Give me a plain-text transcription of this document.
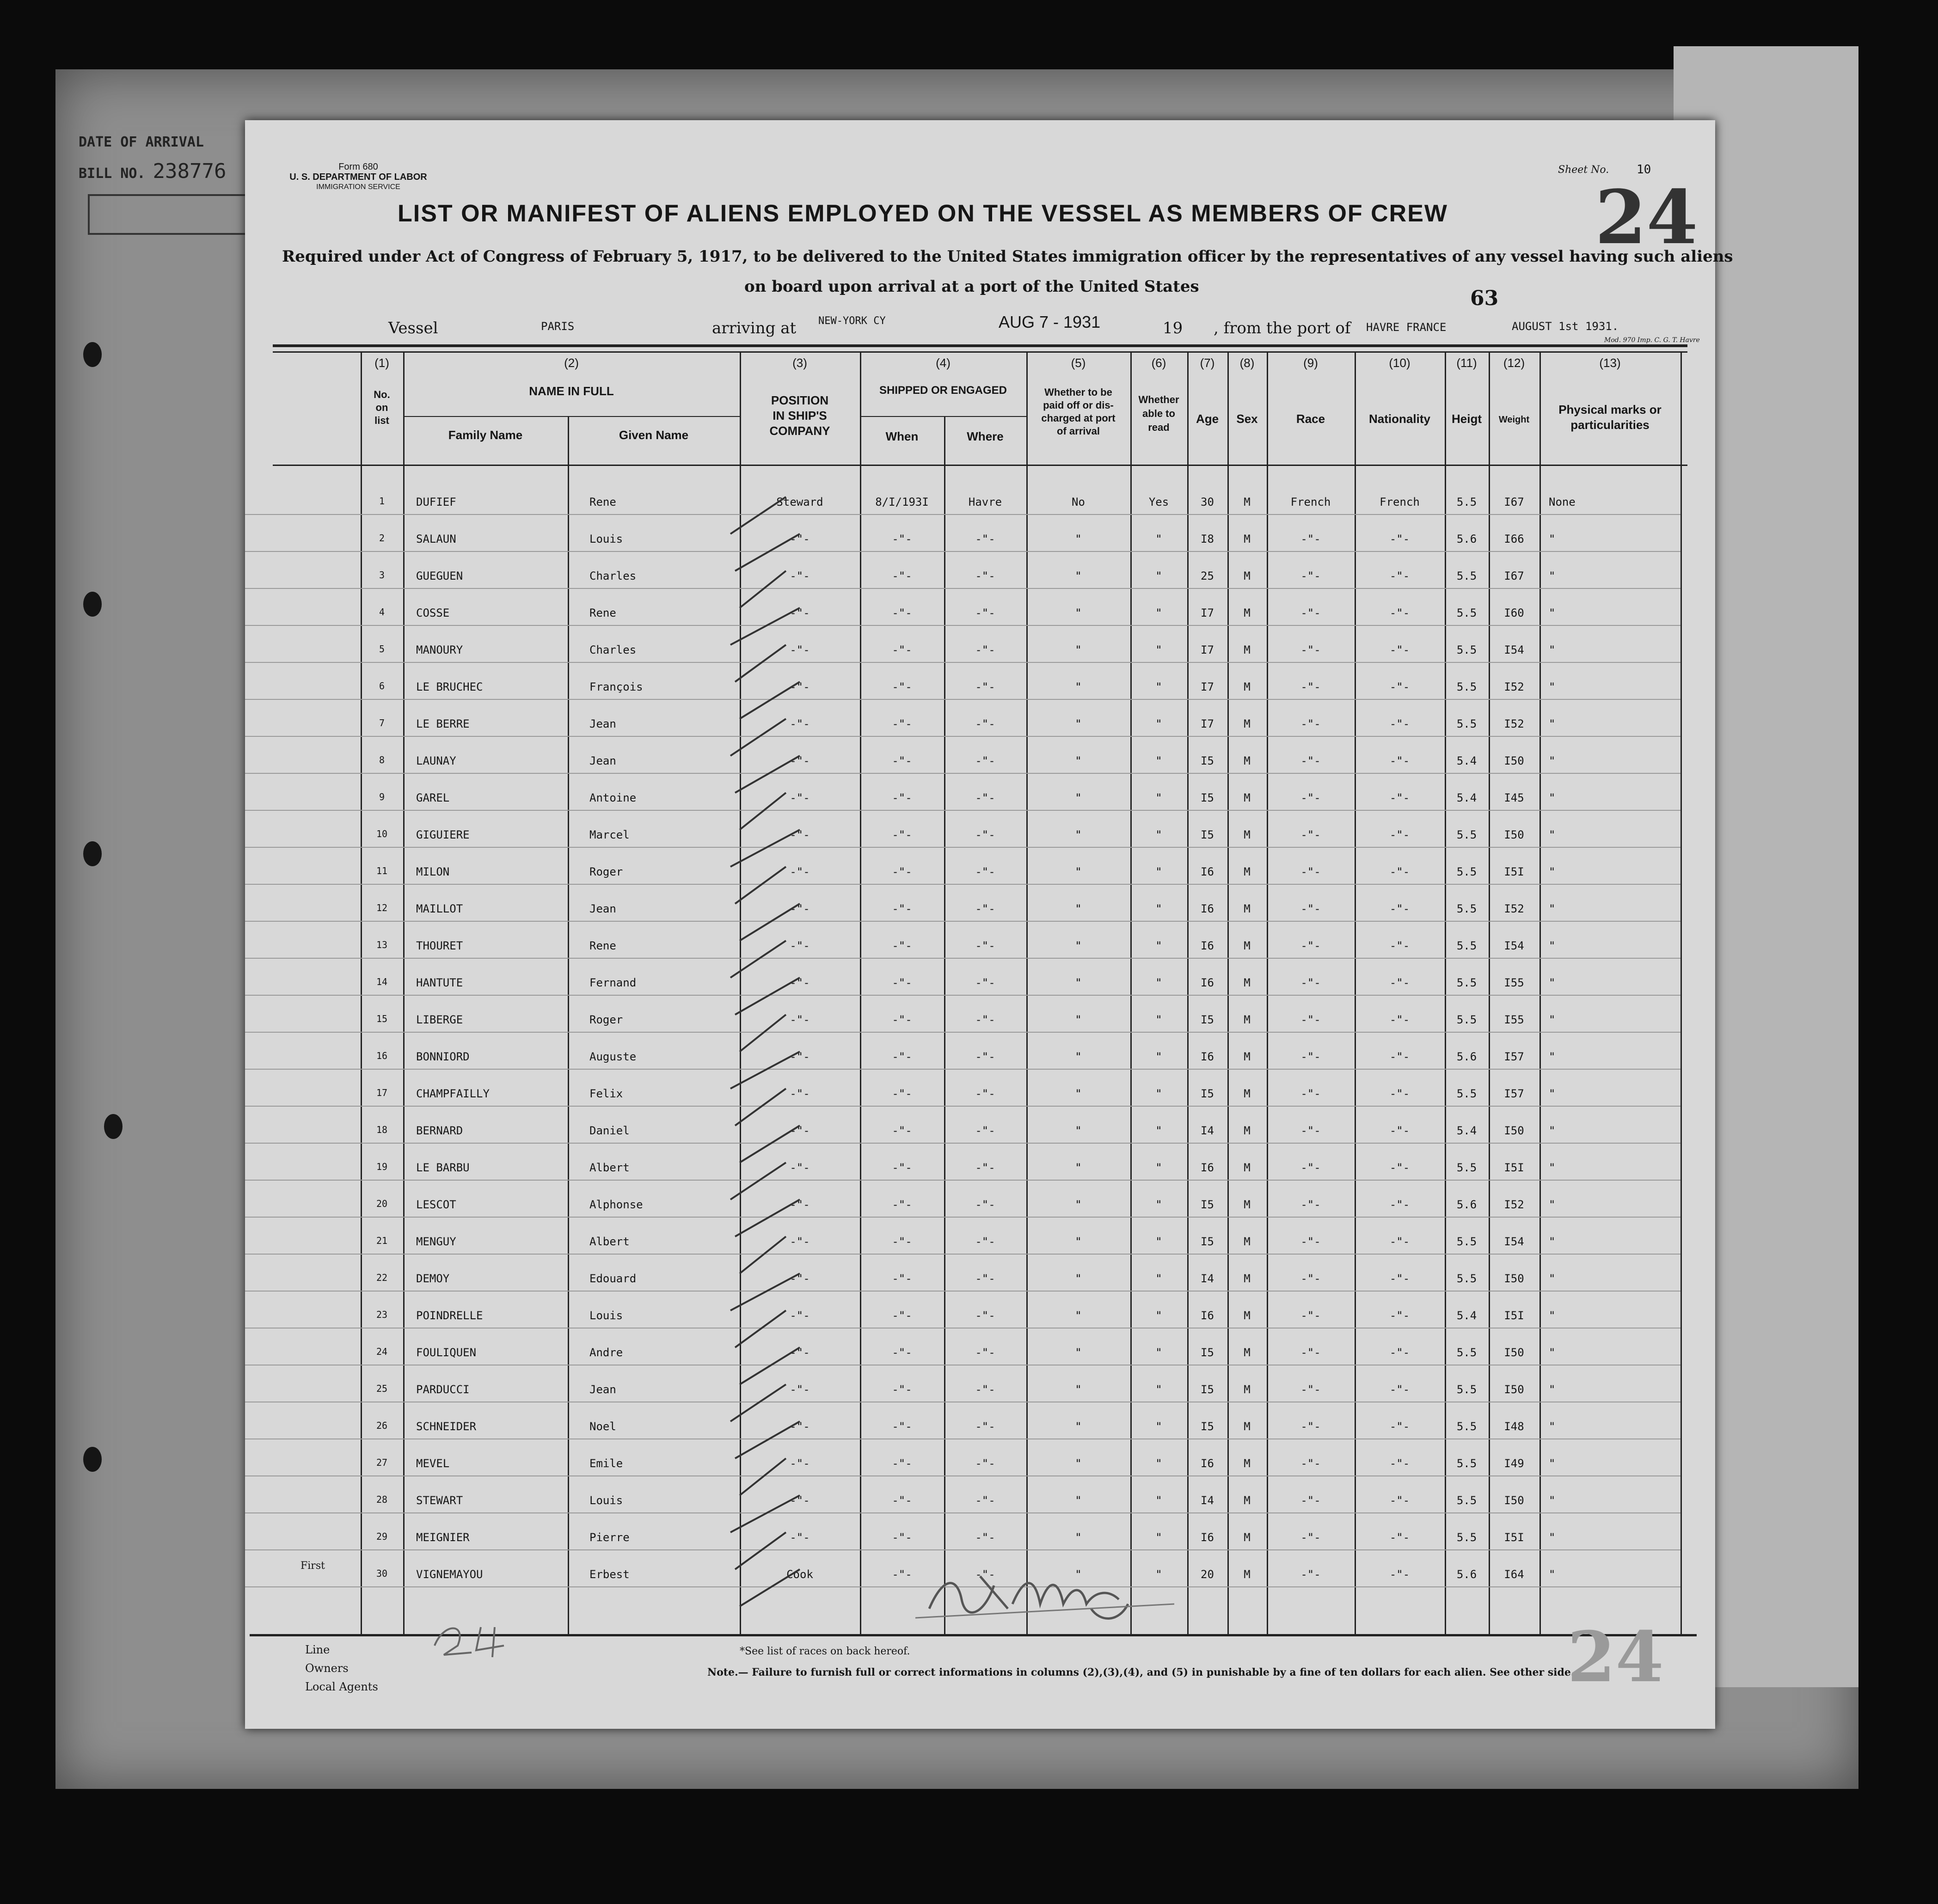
DATE OF ARRIVAL
BILL NO. 238776	Form 680
U. S. DEPARTMENT OF LABOR
IMMIGRATION SERVICE
Sheet No. 10
24
LIST OR MANIFEST OF ALIENS EMPLOYED ON THE VESSEL AS MEMBERS OF CREW
Required under Act of Congress of February 5, 1917, to be delivered to the United States immigration officer by the representatives of any vessel having such aliens
on board upon arrival at a port of the United States	63
Vessel	PARIS	arriving at NEW-YORK CY	AUG 7 - 1931	19 , from the port of HAVRE FRANCE	AUGUST 1st 1931.
Mod. 970 Imp. C. G. T. Havre
(1)
No.
on
list
(2)
NAME IN FULL
Family Name	Given Name
(3)
POSITION
IN SHIP'S
COMPANY
(4)
SHIPPED OR ENGAGED
When	Where
(5)
Whether to be
paid off or dis-
charged at port
of arrival
(6)
Whether
able to
read
(7)
Age
(8)
Sex
(9)
Race
(10)
Nationality
(11)
Heigt
(12)
Weight
(13)
Physical marks or
particularities
1	DUFIEF	Rene	Steward	8/I/193I	Havre	No	Yes	30	M	French	French	5.5	I67	None
2	SALAUN	Louis	-"-	-"-	-"-	"	"	I8	M	-"-	-"-	5.6	I66	"
3	GUEGUEN	Charles	-"-	-"-	-"-	"	"	25	M	-"-	-"-	5.5	I67	"
4	COSSE	Rene	-"-	-"-	-"-	"	"	I7	M	-"-	-"-	5.5	I60	"
5	MANOURY	Charles	-"-	-"-	-"-	"	"	I7	M	-"-	-"-	5.5	I54	"
6	LE BRUCHEC	François	-"-	-"-	-"-	"	"	I7	M	-"-	-"-	5.5	I52	"
7	LE BERRE	Jean	-"-	-"-	-"-	"	"	I7	M	-"-	-"-	5.5	I52	"
8	LAUNAY	Jean	-"-	-"-	-"-	"	"	I5	M	-"-	-"-	5.4	I50	"
9	GAREL	Antoine	-"-	-"-	-"-	"	"	I5	M	-"-	-"-	5.4	I45	"
10	GIGUIERE	Marcel	-"-	-"-	-"-	"	"	I5	M	-"-	-"-	5.5	I50	"
11	MILON	Roger	-"-	-"-	-"-	"	"	I6	M	-"-	-"-	5.5	I5I	"
12	MAILLOT	Jean	-"-	-"-	-"-	"	"	I6	M	-"-	-"-	5.5	I52	"
13	THOURET	Rene	-"-	-"-	-"-	"	"	I6	M	-"-	-"-	5.5	I54	"
14	HANTUTE	Fernand	-"-	-"-	-"-	"	"	I6	M	-"-	-"-	5.5	I55	"
15	LIBERGE	Roger	-"-	-"-	-"-	"	"	I5	M	-"-	-"-	5.5	I55	"
16	BONNIORD	Auguste	-"-	-"-	-"-	"	"	I6	M	-"-	-"-	5.6	I57	"
17	CHAMPFAILLY	Felix	-"-	-"-	-"-	"	"	I5	M	-"-	-"-	5.5	I57	"
18	BERNARD	Daniel	-"-	-"-	-"-	"	"	I4	M	-"-	-"-	5.4	I50	"
19	LE BARBU	Albert	-"-	-"-	-"-	"	"	I6	M	-"-	-"-	5.5	I5I	"
20	LESCOT	Alphonse	-"-	-"-	-"-	"	"	I5	M	-"-	-"-	5.6	I52	"
21	MENGUY	Albert	-"-	-"-	-"-	"	"	I5	M	-"-	-"-	5.5	I54	"
22	DEMOY	Edouard	-"-	-"-	-"-	"	"	I4	M	-"-	-"-	5.5	I50	"
23	POINDRELLE	Louis	-"-	-"-	-"-	"	"	I6	M	-"-	-"-	5.4	I5I	"
24	FOULIQUEN	Andre	-"-	-"-	-"-	"	"	I5	M	-"-	-"-	5.5	I50	"
25	PARDUCCI	Jean	-"-	-"-	-"-	"	"	I5	M	-"-	-"-	5.5	I50	"
26	SCHNEIDER	Noel	-"-	-"-	-"-	"	"	I5	M	-"-	-"-	5.5	I48	"
27	MEVEL	Emile	-"-	-"-	-"-	"	"	I6	M	-"-	-"-	5.5	I49	"
28	STEWART	Louis	-"-	-"-	-"-	"	"	I4	M	-"-	-"-	5.5	I50	"
29	MEIGNIER	Pierre	-"-	-"-	-"-	"	"	I6	M	-"-	-"-	5.5	I5I	"
30	VIGNEMAYOU	Erbest	Cook	-"-	-"-	"	"	20	M	-"-	-"-	5.6	I64	"
First
Line
Owners
Local Agents
*See list of races on back hereof.
Note.— Failure to furnish full or correct informations in columns (2),(3),(4), and (5) in punishable by a fine of ten dollars for each alien. See other side.
24
